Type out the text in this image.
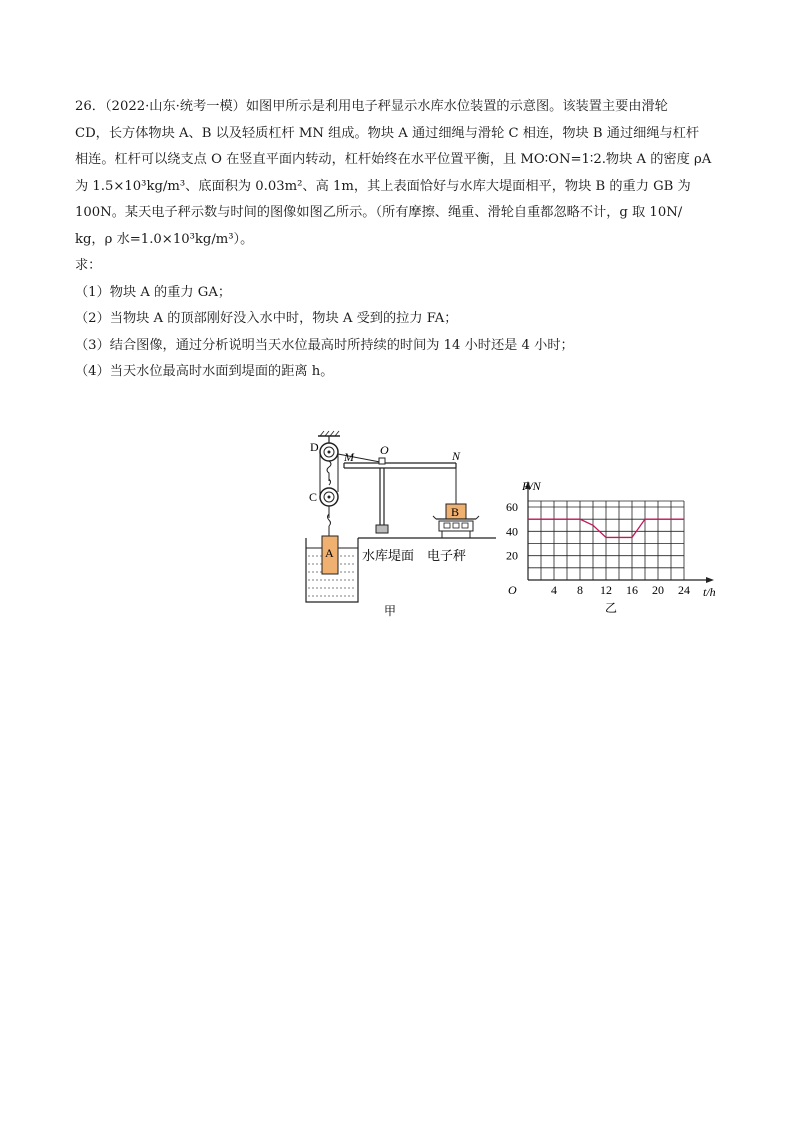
26．（2022·山东·统考一模）如图甲所示是利用电子秤显示水库水位装置的示意图。该装置主要由滑轮

CD，长方体物块 A、B 以及轻质杠杆 MN 组成。物块 A 通过细绳与滑轮 C 相连，物块 B 通过细绳与杠杆

相连。杠杆可以绕支点 O 在竖直平面内转动，杠杆始终在水平位置平衡，且 MO∶ON=1∶2.物块 A 的密度 ρA

为 1.5×10³kg/m³、底面积为 0.03m²、高 1m，其上表面恰好与水库大堤面相平，物块 B 的重力 GB 为

100N。某天电子秤示数与时间的图像如图乙所示。（所有摩擦、绳重、滑轮自重都忽略不计，g 取 10N/

kg，ρ 水=1.0×10³kg/m³）。

求：

（1）物块 A 的重力 GA；

（2）当物块 A 的顶部刚好没入水中时，物块 A 受到的拉力 FA；

（3）结合图像，通过分析说明当天水位最高时所持续的时间为 14 小时还是 4 小时；

（4）当天水位最高时水面到堤面的距离 h。

D
C
A
M	N
O
B
水库堤面 电子秤
甲
4 8 12 16 20 24
20
40
60
F/N
t/h
O
乙
